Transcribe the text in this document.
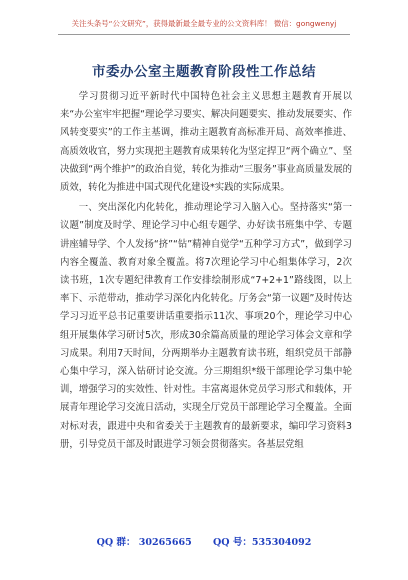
关注头条号“公文研究”，获得最新最全最专业的公文资料库！ 微信：gongwenyj
市委办公室主题教育阶段性工作总结

学习贯彻习近平新时代中国特色社会主义思想主题教育开展以来“办公室牢牢把握“理论学习要实、解决问题要实、推动发展要实、作风转变要实”的工作主基调，推动主题教育高标准开局、高效率推进、高质效收官，努力实现把主题教育成果转化为坚定捍卫“两个确立”、坚决做到“两个维护”的政治自觉，转化为推动“三服务”事业高质量发展的质效，转化为推进中国式现代化建设*实践的实际成果。

一、突出深化内化转化，推动理论学习入脑入心。坚持落实“第一议题”制度及时学、理论学习中心组专题学、办好读书班集中学、专题讲座辅导学、个人发扬“挤”“钻”精神自觉学“五种学习方式”，做到学习内容全覆盖、教育对象全覆盖。将7次理论学习中心组集体学习，2次读书班，1次专题纪律教育工作安排绘制形成“7+2+1”路线图，以上率下、示范带动，推动学习深化内化转化。厅务会“第一议题”及时传达学习习近平总书记重要讲话重要指示11次、事项20个，理论学习中心组开展集体学习研讨5次，形成30余篇高质量的理论学习体会文章和学习成果。利用7天时间，分两期举办主题教育读书班，组织党员干部静心集中学习，深入钻研讨论交流。分三期组织*级干部理论学习集中轮训，增强学习的实效性、针对性。丰富离退休党员学习形式和载体，开展青年理论学习交流日活动，实现全厅党员干部理论学习全覆盖。全面对标对表，跟进中央和省委关于主题教育的最新要求，编印学习资料3册，引导党员干部及时跟进学习领会贯彻落实。各基层党组

QQ 群： 30265665 QQ 号：535304092
